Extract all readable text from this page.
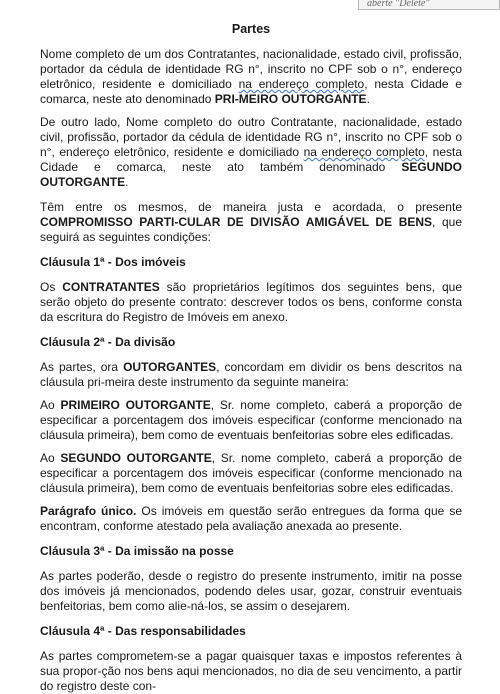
aberte "Delete"
Partes

Nome completo de um dos Contratantes, nacionalidade, estado civil, profissão, portador da cédula de identidade RG n°, inscrito no CPF sob o n°, endereço eletrônico, residente e domiciliado na endereço completo, nesta Cidade e comarca, neste ato denominado PRI-MEIRO OUTORGANTE.

De outro lado, Nome completo do outro Contratante, nacionalidade, estado civil, profissão, portador da cédula de identidade RG n°, inscrito no CPF sob o n°, endereço eletrônico, residente e domiciliado na endereço completo, nesta Cidade e comarca, neste ato também denominado SEGUNDO OUTORGANTE.

Têm entre os mesmos, de maneira justa e acordada, o presente COMPROMISSO PARTI-CULAR DE DIVISÃO AMIGÁVEL DE BENS, que seguirá as seguintes condições:

Cláusula 1ª - Dos imóveis

Os CONTRATANTES são proprietários legítimos dos seguintes bens, que serão objeto do presente contrato: descrever todos os bens, conforme consta da escritura do Registro de Imóveis em anexo.

Cláusula 2ª - Da divisão

As partes, ora OUTORGANTES, concordam em dividir os bens descritos na cláusula pri-meira deste instrumento da seguinte maneira:

Ao PRIMEIRO OUTORGANTE, Sr. nome completo, caberá a proporção de especificar a porcentagem dos imóveis especificar (conforme mencionado na cláusula primeira), bem como de eventuais benfeitorias sobre eles edificadas.

Ao SEGUNDO OUTORGANTE, Sr. nome completo, caberá a proporção de especificar a porcentagem dos imóveis especificar (conforme mencionado na cláusula primeira), bem como de eventuais benfeitorias sobre eles edificadas.

Parágrafo único. Os imóveis em questão serão entregues da forma que se encontram, conforme atestado pela avaliação anexada ao presente.

Cláusula 3ª - Da imissão na posse

As partes poderão, desde o registro do presente instrumento, imitir na posse dos imóveis já mencionados, podendo deles usar, gozar, construir eventuais benfeitorias, bem como alie-ná-los, se assim o desejarem.

Cláusula 4ª - Das responsabilidades

As partes comprometem-se a pagar quaisquer taxas e impostos referentes à sua propor-ção nos bens aqui mencionados, no dia de seu vencimento, a partir do registro deste con-
